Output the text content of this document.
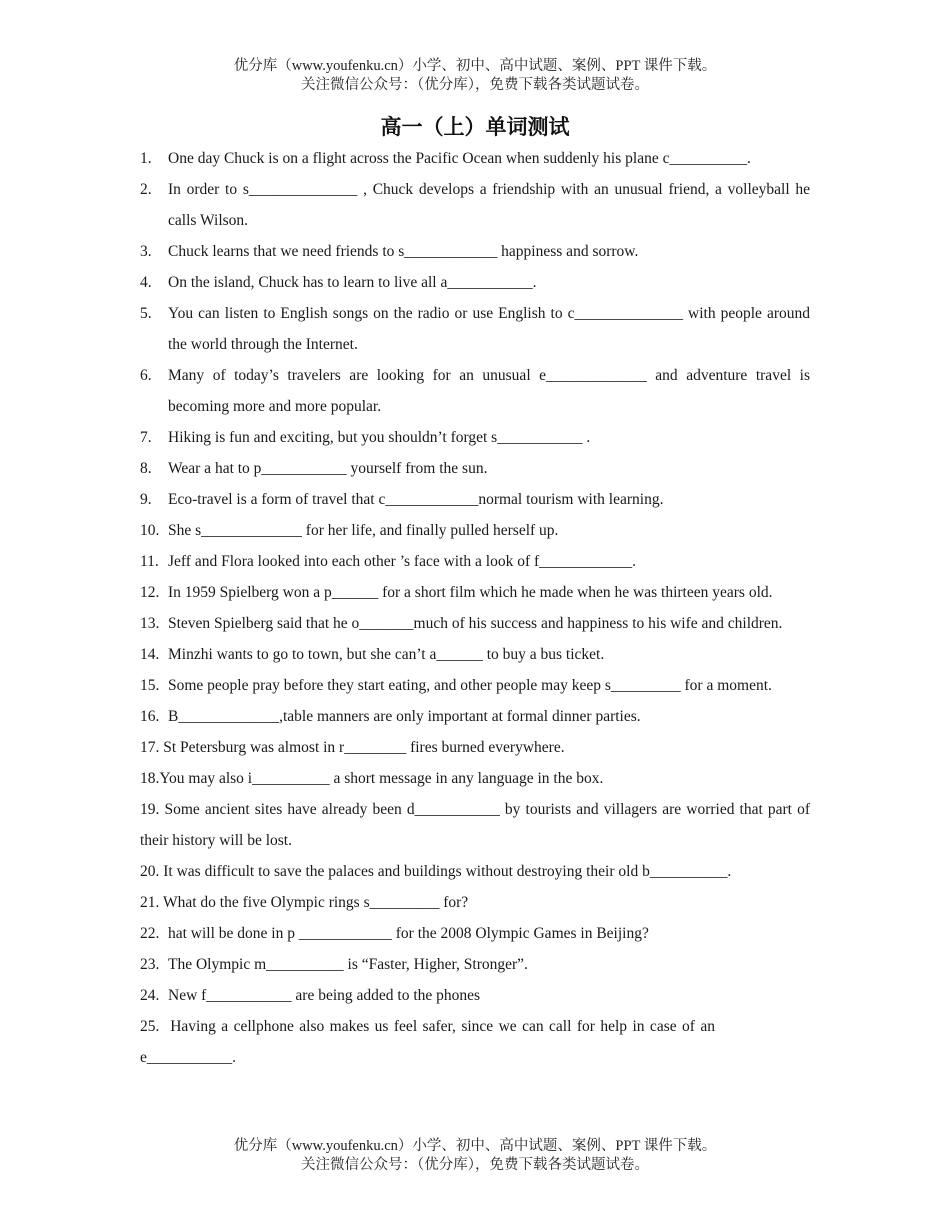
优分库（www.youfenku.cn）小学、初中、高中试题、案例、PPT 课件下载。
关注微信公众号：（优分库），免费下载各类试题试卷。
高一（上）单词测试
1.	One day Chuck is on a flight across the Pacific Ocean when suddenly his plane c__________.
2.	In order to s______________ , Chuck develops a friendship with an unusual friend, a volleyball he calls Wilson.
3.	Chuck learns that we need friends to s____________ happiness and sorrow.
4.	On the island, Chuck has to learn to live all a___________.
5.	You can listen to English songs on the radio or use English to c______________ with people around the world through the Internet.
6.	Many of today’s travelers are looking for an unusual e_____________ and adventure travel is becoming more and more popular.
7.	Hiking is fun and exciting, but you shouldn’t forget s___________ .
8.	Wear a hat to p___________ yourself from the sun.
9.	Eco-travel is a form of travel that c____________normal tourism with learning.
10. She s_____________ for her life, and finally pulled herself up.
11. Jeff and Flora looked into each other ’s face with a look of f____________.
12. In 1959 Spielberg won a p______ for a short film which he made when he was thirteen years old.
13. Steven Spielberg said that he o_______much of his success and happiness to his wife and children.
14. Minzhi wants to go to town, but she can’t a______ to buy a bus ticket.
15. Some people pray before they start eating, and other people may keep s_________ for a moment.
16. B_____________,table manners are only important at formal dinner parties.
17. St Petersburg was almost in r________ fires burned everywhere.
18.You may also i__________ a short message in any language in the box.
19. Some ancient sites have already been d___________ by tourists and villagers are worried that part of their history will be lost.
20. It was difficult to save the palaces and buildings without destroying their old b__________.
21. What do the five Olympic rings s_________ for?
22. hat will be done in p ____________ for the 2008 Olympic Games in Beijing?
23. The Olympic m__________ is “Faster, Higher, Stronger”.
24. New f___________ are being added to the phones
25. Having a cellphone also makes us feel safer, since we can call for help in case of an e___________.
优分库（www.youfenku.cn）小学、初中、高中试题、案例、PPT 课件下载。
关注微信公众号：（优分库），免费下载各类试题试卷。
